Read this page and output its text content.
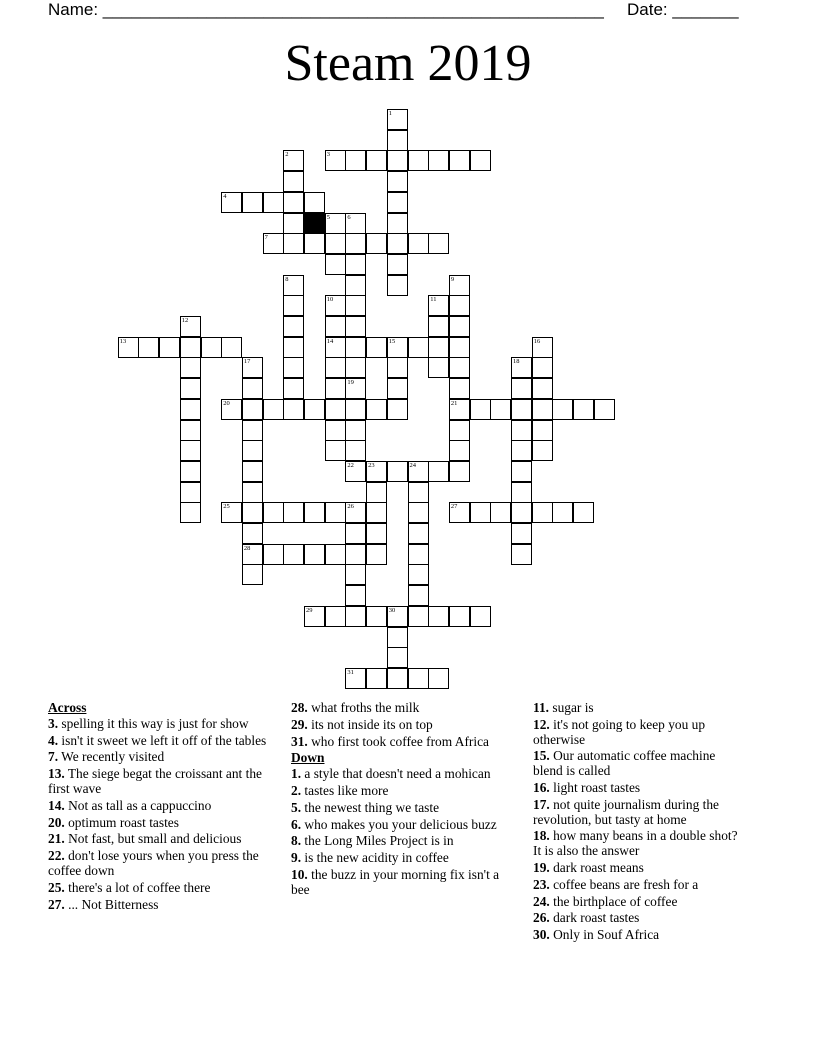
Name: _____________________________________________________ Date: _______
Steam 2019
1
2	3
4
5	6
7
8	9
21
10
14
11
12
13	15	16
17
28
18
19
20
22 23	24
25	26	27
29	30
31
Across
3. spelling it this way is just for show
4. isn't it sweet we left it off of the tables
7. We recently visited
13. The siege begat the croissant ant the first wave
14. Not as tall as a cappuccino
20. optimum roast tastes
21. Not fast, but small and delicious
22. don't lose yours when you press the coffee down
25. there's a lot of coffee there
27. ... Not Bitterness
28. what froths the milk
29. its not inside its on top
31. who first took coffee from Africa
Down
1. a style that doesn't need a mohican
2. tastes like more
5. the newest thing we taste
6. who makes you your delicious buzz
8. the Long Miles Project is in
9. is the new acidity in coffee
10. the buzz in your morning fix isn't a bee
11. sugar is
12. it's not going to keep you up otherwise
15. Our automatic coffee machine blend is called
16. light roast tastes
17. not quite journalism during the revolution, but tasty at home
18. how many beans in a double shot? It is also the answer
19. dark roast means
23. coffee beans are fresh for a
24. the birthplace of coffee
26. dark roast tastes
30. Only in Souf Africa
